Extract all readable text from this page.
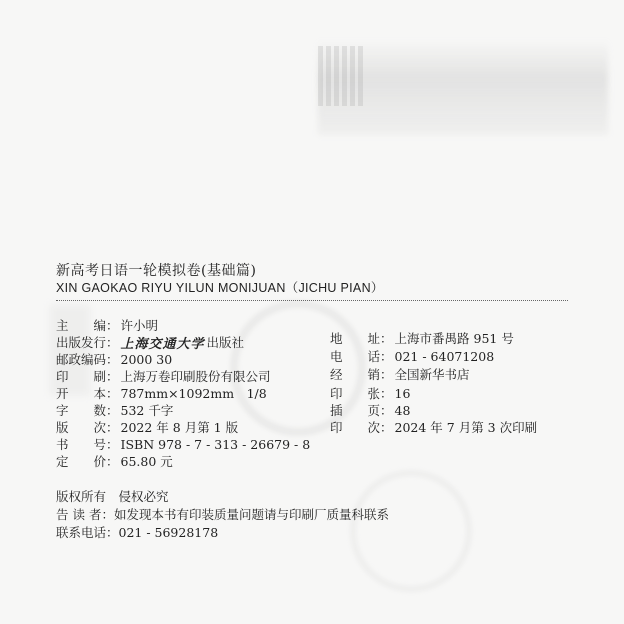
新高考日语一轮模拟卷(基础篇)
XIN GAOKAO RIYU YILUN MONIJUAN（JICHU PIAN）
主　　编： 许小明
出版发行： 上海交通大学 出版社
邮政编码： 2000 30
印　　刷： 上海万卷印刷股份有限公司
开　　本： 787mm×1092mm　1/8
字　　数： 532 千字
版　　次： 2022 年 8 月第 1 版
书　　号： ISBN 978 - 7 - 313 - 26679 - 8
定　　价： 65.80 元
地　　址： 上海市番禺路 951 号
电　　话： 021 - 64071208
经　　销： 全国新华书店
印　　张： 16
插　　页： 48
印　　次： 2024 年 7 月第 3 次印刷
版权所有　侵权必究
告 读 者：如发现本书有印装质量问题请与印刷厂质量科联系
联系电话：021 - 56928178
